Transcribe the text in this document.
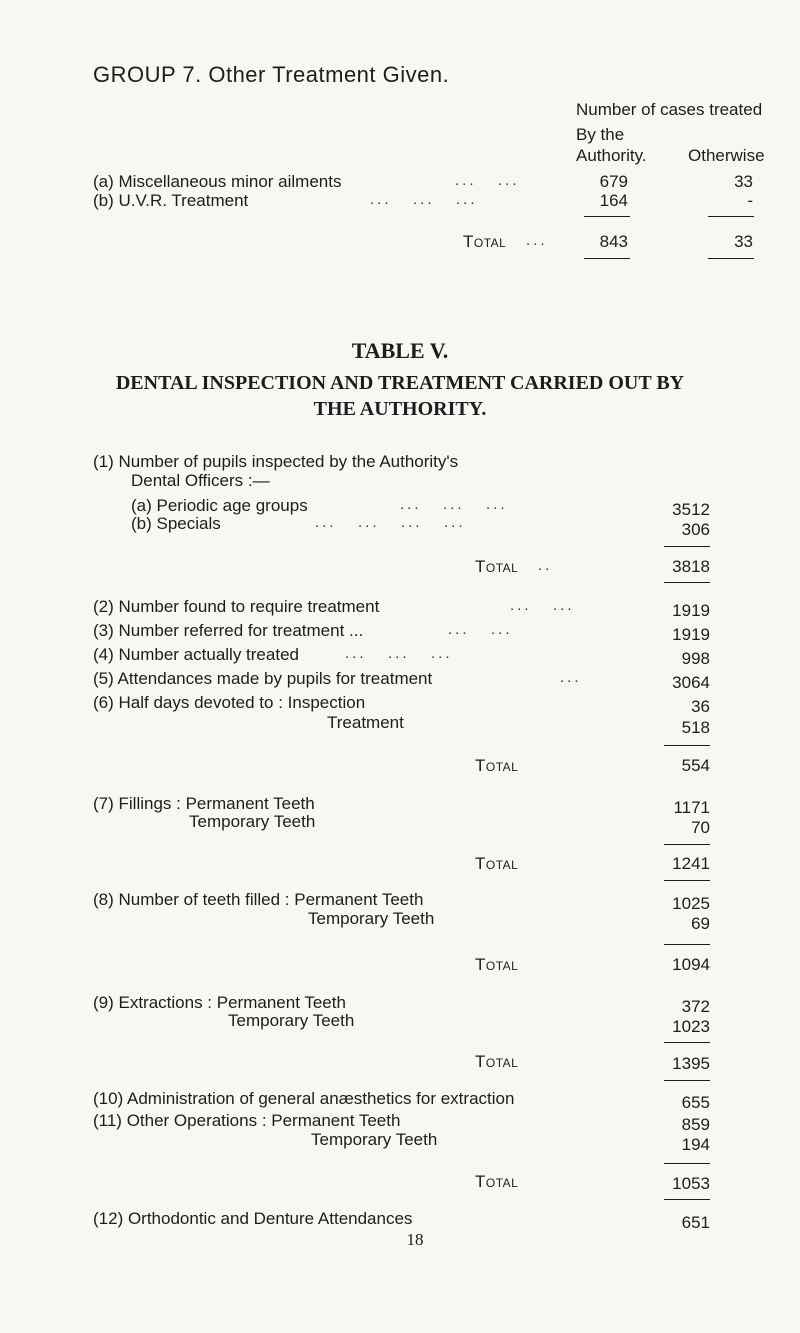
GROUP 7. Other Treatment Given.
Number of cases treated
By the
Authority. Otherwise
(a) Miscellaneous minor ailments	...   ...	679	33
(b) U.V.R. Treatment	...   ...   ...	164	-
Total ...	843	33
TABLE V.
DENTAL INSPECTION AND TREATMENT CARRIED OUT BY
THE AUTHORITY.
(1) Number of pupils inspected by the Authority's
Dental Officers :—
(a) Periodic age groups	...   ...   ...	3512
(b) Specials	...   ...   ...   ...	306
Total ..	3818
(2) Number found to require treatment	...   ...	1919
(3) Number referred for treatment ...	...   ...	1919
(4) Number actually treated	...   ...   ...	998
(5) Attendances made by pupils for treatment	...	3064
(6) Half days devoted to : Inspection	36
Treatment	518
Total	554
(7) Fillings : Permanent Teeth	1171
Temporary Teeth	70
Total	1241
(8) Number of teeth filled : Permanent Teeth	1025
Temporary Teeth	69
Total	1094
(9) Extractions : Permanent Teeth	372
Temporary Teeth	1023
Total	1395
(10) Administration of general anæsthetics for extraction	655
(11) Other Operations : Permanent Teeth	859
Temporary Teeth	194
Total	1053
(12) Orthodontic and Denture Attendances	651
18
